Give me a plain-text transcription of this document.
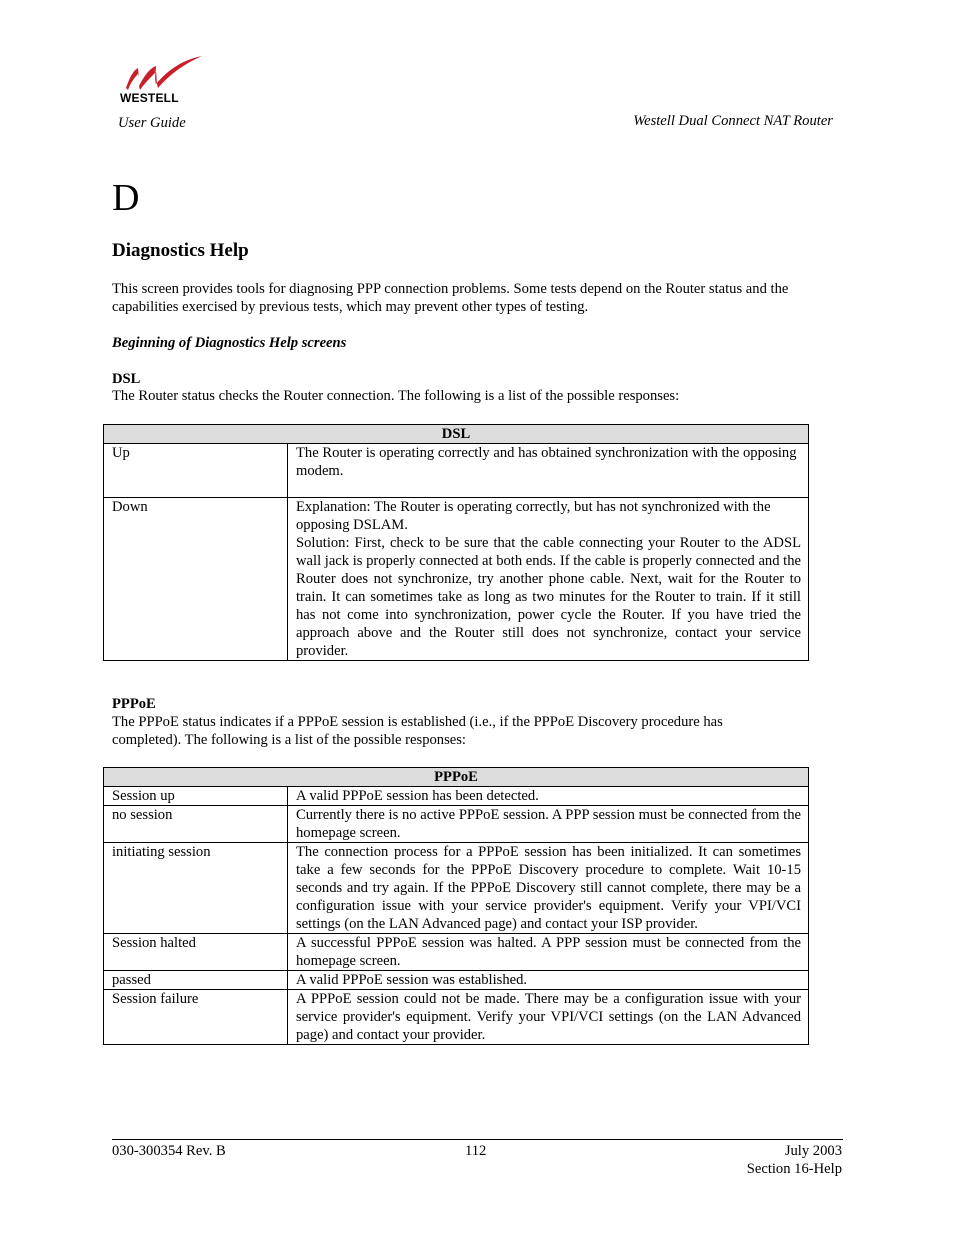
WESTELL
User Guide	Westell Dual Connect NAT Router
D
Diagnostics Help
This screen provides tools for diagnosing PPP connection problems. Some tests depend on the Router status and the capabilities exercised by previous tests, which may prevent other types of testing.
Beginning of Diagnostics Help screens
DSL
The Router status checks the Router connection. The following is a list of the possible responses:
DSL	
Up	The Router is operating correctly and has obtained synchronization with the opposing modem.
Down	Explanation: The Router is operating correctly, but has not synchronized with the opposing DSLAM.
Solution: First, check to be sure that the cable connecting your Router to the ADSL wall jack is properly connected at both ends. If the cable is properly connected and the Router does not synchronize, try another phone cable. Next, wait for the Router to train. It can sometimes take as long as two minutes for the Router to train. If it still has not come into synchronization, power cycle the Router. If you have tried the approach above and the Router still does not synchronize, contact your service provider.
PPPoE
The PPPoE status indicates if a PPPoE session is established (i.e., if the PPPoE Discovery procedure has completed). The following is a list of the possible responses:
PPPoE	
Session up	A valid PPPoE session has been detected.
no session	Currently there is no active PPPoE session. A PPP session must be connected from the homepage screen.
initiating session	The connection process for a PPPoE session has been initialized. It can sometimes take a few seconds for the PPPoE Discovery procedure to complete. Wait 10-15 seconds and try again. If the PPPoE Discovery still cannot complete, there may be a configuration issue with your service provider's equipment. Verify your VPI/VCI settings (on the LAN Advanced page) and contact your ISP provider.
Session halted	A successful PPPoE session was halted. A PPP session must be connected from the homepage screen.
passed	A valid PPPoE session was established.
Session failure	A PPPoE session could not be made. There may be a configuration issue with your service provider's equipment. Verify your VPI/VCI settings (on the LAN Advanced page) and contact your provider.
030-300354 Rev. B	112	July 2003
Section 16-Help
